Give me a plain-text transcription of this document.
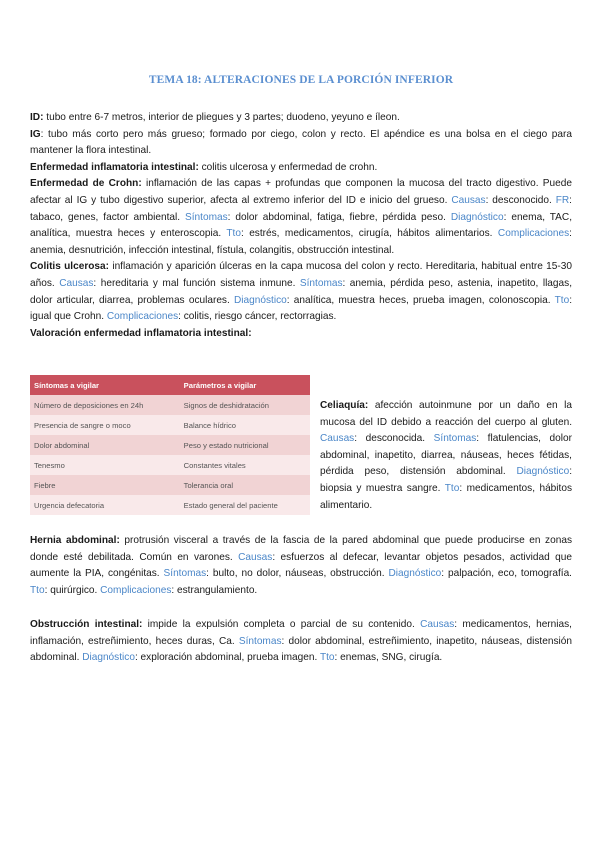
TEMA 18: ALTERACIONES DE LA PORCIÓN INFERIOR

ID: tubo entre 6-7 metros, interior de pliegues y 3 partes; duodeno, yeyuno e íleon.

IG: tubo más corto pero más grueso; formado por ciego, colon y recto. El apéndice es una bolsa en el ciego para mantener la flora intestinal.

Enfermedad inflamatoria intestinal: colitis ulcerosa y enfermedad de crohn.

Enfermedad de Crohn: inflamación de las capas + profundas que componen la mucosa del tracto digestivo. Puede afectar al IG y tubo digestivo superior, afecta al extremo inferior del ID e inicio del grueso. Causas: desconocido. FR: tabaco, genes, factor ambiental. Síntomas: dolor abdominal, fatiga, fiebre, pérdida peso. Diagnóstico: enema, TAC, analítica, muestra heces y enteroscopia. Tto: estrés, medicamentos, cirugía, hábitos alimentarios. Complicaciones: anemia, desnutrición, infección intestinal, fístula, colangitis, obstrucción intestinal.

Colitis ulcerosa: inflamación y aparición úlceras en la capa mucosa del colon y recto. Hereditaria, habitual entre 15-30 años. Causas: hereditaria y mal función sistema inmune. Síntomas: anemia, pérdida peso, astenia, inapetito, llagas, dolor articular, diarrea, problemas oculares. Diagnóstico: analítica, muestra heces, prueba imagen, colonoscopia. Tto: igual que Crohn. Complicaciones: colitis, riesgo cáncer, rectorragias.

Valoración enfermedad inflamatoria intestinal:

Síntomas a vigilar	Parámetros a vigilar
Número de deposiciones en 24h	Signos de deshidratación
Presencia de sangre o moco	Balance hídrico
Dolor abdominal	Peso y estado nutricional
Tenesmo	Constantes vitales
Fiebre	Tolerancia oral
Urgencia defecatoria	Estado general del paciente

Celiaquía: afección autoinmune por un daño en la mucosa del ID debido a reacción del cuerpo al gluten. Causas: desconocida. Síntomas: flatulencias, dolor abdominal, inapetito, diarrea, náuseas, heces fétidas, pérdida peso, distensión abdominal. Diagnóstico: biopsia y muestra sangre. Tto: medicamentos, hábitos alimentario.

Hernia abdominal: protrusión visceral a través de la fascia de la pared abdominal que puede producirse en zonas donde esté debilitada. Común en varones. Causas: esfuerzos al defecar, levantar objetos pesados, actividad que aumente la PIA, congénitas. Síntomas: bulto, no dolor, náuseas, obstrucción. Diagnóstico: palpación, eco, tomografía. Tto: quirúrgico. Complicaciones: estrangulamiento.

Obstrucción intestinal: impide la expulsión completa o parcial de su contenido. Causas: medicamentos, hernias, inflamación, estreñimiento, heces duras, Ca. Síntomas: dolor abdominal, estreñimiento, inapetito, náuseas, distensión abdominal. Diagnóstico: exploración abdominal, prueba imagen. Tto: enemas, SNG, cirugía.
